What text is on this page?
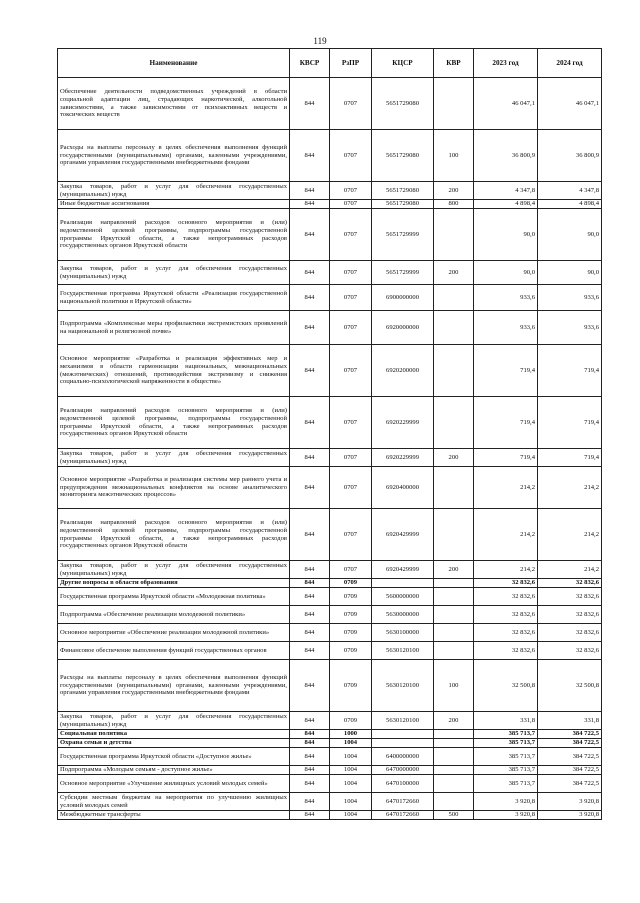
119
Наименование	КВСР	РзПР	КЦСР	КВР	2023 год	2024 год
Обеспечение деятельности подведомственных учреждений в области социальной адаптации лиц, страдающих наркотической, алкогольной зависимостями, а также зависимостями от психоактивных веществ и токсических веществ	844	0707	5651729080		46 047,1	46 047,1
Расходы на выплаты персоналу в целях обеспечения выполнения функций государственными (муниципальными) органами, казенными учреждениями, органами управления государственными внебюджетными фондами	844	0707	5651729080	100	36 800,9	36 800,9
Закупка товаров, работ и услуг для обеспечения государственных (муниципальных) нужд	844	0707	5651729080	200	4 347,8	4 347,8
Иные бюджетные ассигнования	844	0707	5651729080	800	4 898,4	4 898,4
Реализация направлений расходов основного мероприятия и (или) ведомственной целевой программы, подпрограммы государственной программы Иркутской области, а также непрограммных расходов государственных органов Иркутской области	844	0707	5651729999		90,0	90,0
Закупка товаров, работ и услуг для обеспечения государственных (муниципальных) нужд	844	0707	5651729999	200	90,0	90,0
Государственная программа Иркутской области «Реализация государственной национальной политики в Иркутской области»	844	0707	6900000000		933,6	933,6
Подпрограмма «Комплексные меры профилактики экстремистских проявлений на национальной и религиозной почве»	844	0707	6920000000		933,6	933,6
Основное мероприятие «Разработка и реализация эффективных мер и механизмов в области гармонизации национальных, межнациональных (межэтнических) отношений, противодействия экстремизму и снижения социально-психологической напряженности в обществе»	844	0707	6920200000		719,4	719,4
Реализация направлений расходов основного мероприятия и (или) ведомственной целевой программы, подпрограммы государственной программы Иркутской области, а также непрограммных расходов государственных органов Иркутской области	844	0707	6920229999		719,4	719,4
Закупка товаров, работ и услуг для обеспечения государственных (муниципальных) нужд	844	0707	6920229999	200	719,4	719,4
Основное мероприятие «Разработка и реализация системы мер раннего учета и предупреждения межнациональных конфликтов на основе аналитического мониторинга межэтнических процессов»	844	0707	6920400000		214,2	214,2
Реализация направлений расходов основного мероприятия и (или) ведомственной целевой программы, подпрограммы государственной программы Иркутской области, а также непрограммных расходов государственных органов Иркутской области	844	0707	6920429999		214,2	214,2
Закупка товаров, работ и услуг для обеспечения государственных (муниципальных) нужд	844	0707	6920429999	200	214,2	214,2
Другие вопросы в области образования	844	0709			32 832,6	32 832,6
Государственная программа Иркутской области «Молодежная политика»	844	0709	5600000000		32 832,6	32 832,6
Подпрограмма «Обеспечение реализации молодежной политики»	844	0709	5630000000		32 832,6	32 832,6
Основное мероприятие «Обеспечение реализации молодежной политики»	844	0709	5630100000		32 832,6	32 832,6
Финансовое обеспечение выполнения функций государственных органов	844	0709	5630120100		32 832,6	32 832,6
Расходы на выплаты персоналу в целях обеспечения выполнения функций государственными (муниципальными) органами, казенными учреждениями, органами управления государственными внебюджетными фондами	844	0709	5630120100	100	32 500,8	32 500,8
Закупка товаров, работ и услуг для обеспечения государственных (муниципальных) нужд	844	0709	5630120100	200	331,8	331,8
Социальная политика	844	1000			385 713,7	384 722,5
Охрана семьи и детства	844	1004			385 713,7	384 722,5
Государственная программа Иркутской области «Доступное жилье»	844	1004	6400000000		385 713,7	384 722,5
Подпрограмма «Молодым семьям - доступное жилье»	844	1004	6470000000		385 713,7	384 722,5
Основное мероприятие «Улучшение жилищных условий молодых семей»	844	1004	6470100000		385 713,7	384 722,5
Субсидии местным бюджетам на мероприятия по улучшению жилищных условий молодых семей	844	1004	6470172660		3 920,8	3 920,8
Межбюджетные трансферты	844	1004	6470172660	500	3 920,8	3 920,8
